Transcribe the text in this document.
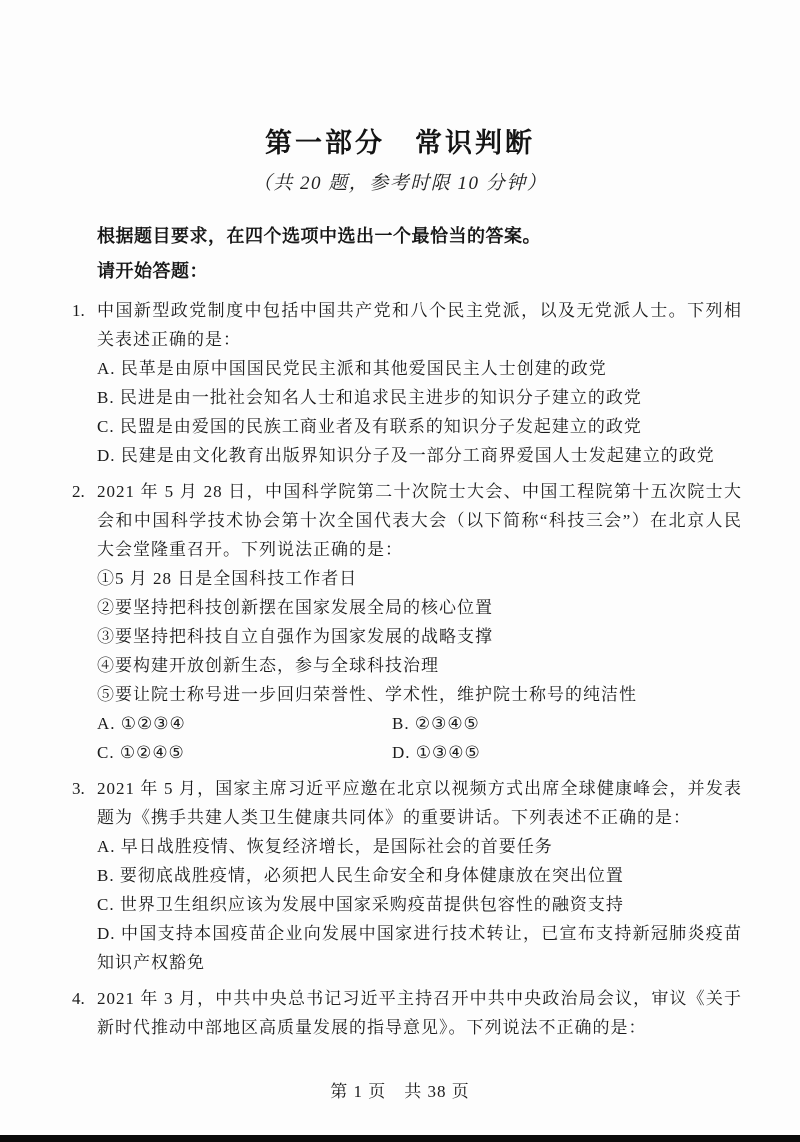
第一部分　常识判断
（共 20 题，参考时限 10 分钟）

根据题目要求，在四个选项中选出一个最恰当的答案。

请开始答题：

1. 中国新型政党制度中包括中国共产党和八个民主党派，以及无党派人士。下列相关表述正确的是：

A. 民革是由原中国国民党民主派和其他爱国民主人士创建的政党

B. 民进是由一批社会知名人士和追求民主进步的知识分子建立的政党

C. 民盟是由爱国的民族工商业者及有联系的知识分子发起建立的政党

D. 民建是由文化教育出版界知识分子及一部分工商界爱国人士发起建立的政党

2. 2021 年 5 月 28 日，中国科学院第二十次院士大会、中国工程院第十五次院士大会和中国科学技术协会第十次全国代表大会（以下简称“科技三会”）在北京人民大会堂隆重召开。下列说法正确的是：

①5 月 28 日是全国科技工作者日

②要坚持把科技创新摆在国家发展全局的核心位置

③要坚持把科技自立自强作为国家发展的战略支撑

④要构建开放创新生态，参与全球科技治理

⑤要让院士称号进一步回归荣誉性、学术性，维护院士称号的纯洁性

A. ①②③④	B. ②③④⑤
C. ①②④⑤	D. ①③④⑤
3. 2021 年 5 月，国家主席习近平应邀在北京以视频方式出席全球健康峰会，并发表题为《携手共建人类卫生健康共同体》的重要讲话。下列表述不正确的是：

A. 早日战胜疫情、恢复经济增长，是国际社会的首要任务

B. 要彻底战胜疫情，必须把人民生命安全和身体健康放在突出位置

C. 世界卫生组织应该为发展中国家采购疫苗提供包容性的融资支持

D. 中国支持本国疫苗企业向发展中国家进行技术转让，已宣布支持新冠肺炎疫苗知识产权豁免

4. 2021 年 3 月，中共中央总书记习近平主持召开中共中央政治局会议，审议《关于新时代推动中部地区高质量发展的指导意见》。下列说法不正确的是：

第 1 页　共 38 页
